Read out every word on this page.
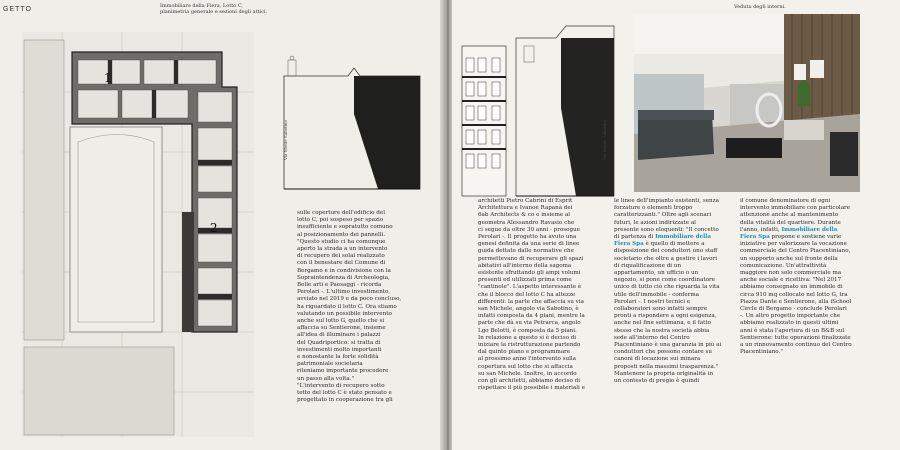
GETTO	Immobiliare della Fiera, Lotto C,
planimetria generale e sezioni degli attici.
1
2
Via Monte Sabotino

sulle coperture dell'edificio del

lotto C, poi sospeso per spazio

insufficiente e sopratutto comuno

al posizionamento dei pannelli.

"Questo studio ci ha comunque

aperto la strada a un intervento

di recupero dei solai realizzato

con il benestare del Comune di

Bergamo e in condivisione con la

Sopraintendenza di Archeologia,

Belle arti e Paesaggi - ricorda

Perolari -. L'ultimo investimento,

avviato nel 2019 e da poco concluso,

ha riguardato il lotto C. Ora stiamo

valutando un possibile intervento

anche sul lotto G, quello che si

affaccia su Sentierone, insieme

all'idea di illuminare i palazzi

del Quadriportico: si tratta di

investimenti molto importanti

e nonostante la forte solidità

patrimoniale societaria

riteniamo importante procedere

un passo alla volta."

"L'intervento di recupero sotto

tetto del lotto C è stato pensato e

progettato in cooperazione tra gli

Via Monte Sabotino
Veduta degli interni.

architetti Pietro Cabrini di Esprit

Architettura e Ivanoe Rapanà dei

6ab Architects & co e insieme al

geometra Alessandro Ravasio che

ci segue da oltre 30 anni - prosegue

Perolari -. Il progetto ha avuto una

genesi definita da una serie di linee

guida dettate dalle normative che

permettevano di recuperare gli spazi

abitativi all'interno della sagoma

esistente sfruttando gli ampi volumi

presenti ed utilizzati prima come

"cantinole". L'aspetto interessante è

che il blocco del lotto C ha altezze

differenti: la parte che affaccia su via

san Michele, angolo via Sabotino, è

infatti composta da 4 piani, mentre la

parte che dà su via Petrarca, angolo

Lgo Belotti, è composta da 5 piani.

In relazione a questo si è deciso di

iniziare la ristrutturazione partendo

dal quinto piano e programmare

al prossimo anno l'intervento sulla

copertura sul lotto che si affaccia

su san Michele. Inoltre, in accordo

con gli architetti, abbiamo deciso di

rispettare il più possibile i materiali e

le linee dell'impianto esistenti, senza forzature o elementi troppo caratterizzanti." Oltre agli scenari futuri, le azioni indirizzate al presente sono eloquenti: "Il concetto di partenza di Immobiliare della Fiera Spa è quello di mettere a disposizione dei conduttori uno staff societario che oltre a gestire i lavori di riqualificazione di un appartamento, un ufficio o un negozio, si pone come coordinatore unico di tutto ciò che riguarda la vita utile dell'immobile - conferma Perolari -. I nostri tecnici e collaboratori sono infatti sempre pronti a rispondere a ogni esigenza, anche nel fine settimana, e il fatto stesso che la nostra società abbia sede all'interno del Centro Piacentiniano è una garanzia in più ai conduttori che possono contare su canoni di locazione sui minara proposti nella massimi trasparenza." Mantenere la propria originalità in un contesto di pregio è quindi

il comune denominatore di ogni intervento immobiliare con particolare attenzione anche al mantenimento della vitalità del quartiere. Durante l'anno, infatti, Immobiliare della Fiera Spa propone e sostiene varie iniziative per valorizzare la vocazione commerciale del Centro Piacentiniano, un supporto anche sul fronte della comunicazione. Un'attrattività maggiore non solo commerciale ma anche sociale e ricettiva: "Nel 2017 abbiamo consegnato un immobile di circa 910 mq collocato nel lotto G, tra Piazza Dante e Sentierone, alla iSchool Circle di Bergamo - conclude Perolari -. Un altro progetto importante che abbiamo realizzato in questi ultimi anni è stata l'apertura di un B&B sul Sentierone: tutte operazioni finalizzate a un rinnovamento continuo del Centro Piacentiniano."
